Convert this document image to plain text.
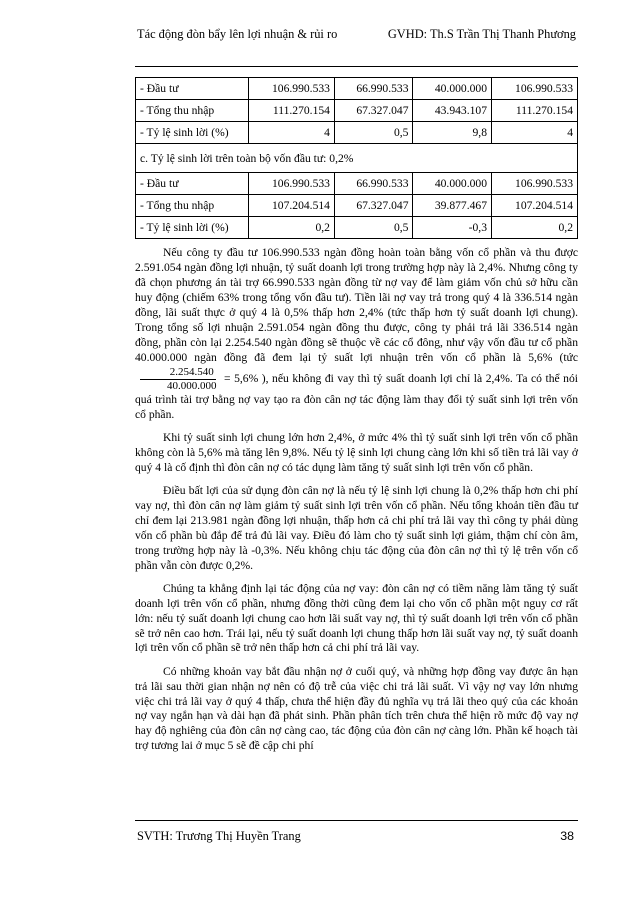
Tác động đòn bẩy lên lợi nhuận & rủi ro	GVHD: Th.S Trần Thị Thanh Phương
- Đầu tư	106.990.533	66.990.533	40.000.000	106.990.533
- Tổng thu nhập	111.270.154	67.327.047	43.943.107	111.270.154
- Tỷ lệ sinh lời (%)	4	0,5	9,8	4
c. Tỷ lệ sinh lời trên toàn bộ vốn đầu tư: 0,2%				
- Đầu tư	106.990.533	66.990.533	40.000.000	106.990.533
- Tổng thu nhập	107.204.514	67.327.047	39.877.467	107.204.514
- Tỷ lệ sinh lời (%)	0,2	0,5	-0,3	0,2

Nếu công ty đầu tư 106.990.533 ngàn đồng hoàn toàn bằng vốn cổ phần và thu được 2.591.054 ngàn đồng lợi nhuận, tỷ suất doanh lợi trong trường hợp này là 2,4%. Nhưng công ty đã chọn phương án tài trợ 66.990.533 ngàn đồng từ nợ vay để làm giảm vốn chủ sở hữu cần huy động (chiếm 63% trong tổng vốn đầu tư). Tiền lãi nợ vay trả trong quý 4 là 336.514 ngàn đồng, lãi suất thực ở quý 4 là 0,5% thấp hơn 2,4% (tức thấp hơn tỷ suất doanh lợi chung). Trong tổng số lợi nhuận 2.591.054 ngàn đồng thu được, công ty phải trả lãi 336.514 ngàn đồng, phần còn lại 2.254.540 ngàn đồng sẽ thuộc về các cổ đông, như vậy vốn đầu tư cổ phần 40.000.000 ngàn đồng đã đem lại tỷ suất lợi nhuận trên vốn cổ phần là 5,6% (tức
$\frac{2.254.540}{40.000.000} = 5,6\%$ ), nếu không đi vay thì tỷ suất doanh lợi chỉ là 2,4%. Ta có thể nói quá trình tài trợ bằng nợ vay tạo ra đòn cân nợ tác động làm thay đổi tỷ suất sinh lợi trên vốn cổ phần.

Khi tỷ suất sinh lợi chung lớn hơn 2,4%, ở mức 4% thì tỷ suất sinh lợi trên vốn cổ phần không còn là 5,6% mà tăng lên 9,8%. Nếu tỷ lệ sinh lợi chung càng lớn khi số tiền trả lãi vay ở quý 4 là cố định thì đòn cân nợ có tác dụng làm tăng tỷ suất sinh lợi trên vốn cổ phần.

Điều bất lợi của sử dụng đòn cân nợ là nếu tỷ lệ sinh lợi chung là 0,2% thấp hơn chi phí vay nợ, thì đòn cân nợ làm giảm tỷ suất sinh lợi trên vốn cổ phần. Nếu tổng khoản tiền đầu tư chỉ đem lại 213.981 ngàn đồng lợi nhuận, thấp hơn cả chi phí trả lãi vay thì công ty phải dùng vốn cổ phần bù đắp để trả đủ lãi vay. Điều đó làm cho tỷ suất sinh lợi giảm, thậm chí còn âm, trong trường hợp này là -0,3%. Nếu không chịu tác động của đòn cân nợ thì tỷ lệ trên vốn cổ phần vẫn còn được 0,2%.

Chúng ta khẳng định lại tác động của nợ vay: đòn cân nợ có tiềm năng làm tăng tỷ suất doanh lợi trên vốn cổ phần, nhưng đồng thời cũng đem lại cho vốn cổ phần một nguy cơ rất lớn: nếu tỷ suất doanh lợi chung cao hơn lãi suất vay nợ, thì tỷ suất doanh lợi trên vốn cổ phần sẽ trở nên cao hơn. Trái lại, nếu tỷ suất doanh lợi chung thấp hơn lãi suất vay nợ, tỷ suất doanh lợi trên vốn cổ phần sẽ trở nên thấp hơn cả chi phí trả lãi vay.

Có những khoản vay bắt đầu nhận nợ ở cuối quý, và những hợp đồng vay được ân hạn trả lãi sau thời gian nhận nợ nên có độ trễ của việc chi trả lãi suất. Vì vậy nợ vay lớn nhưng việc chi trả lãi vay ở quý 4 thấp, chưa thể hiện đầy đủ nghĩa vụ trả lãi theo quý của các khoản nợ vay ngắn hạn và dài hạn đã phát sinh. Phần phân tích trên chưa thể hiện rõ mức độ vay nợ hay độ nghiêng của đòn cân nợ càng cao, tác động của đòn cân nợ càng lớn. Phần kế hoạch tài trợ tương lai ở mục 5 sẽ đề cập chi phí

SVTH: Trương Thị Huyền Trang	38
